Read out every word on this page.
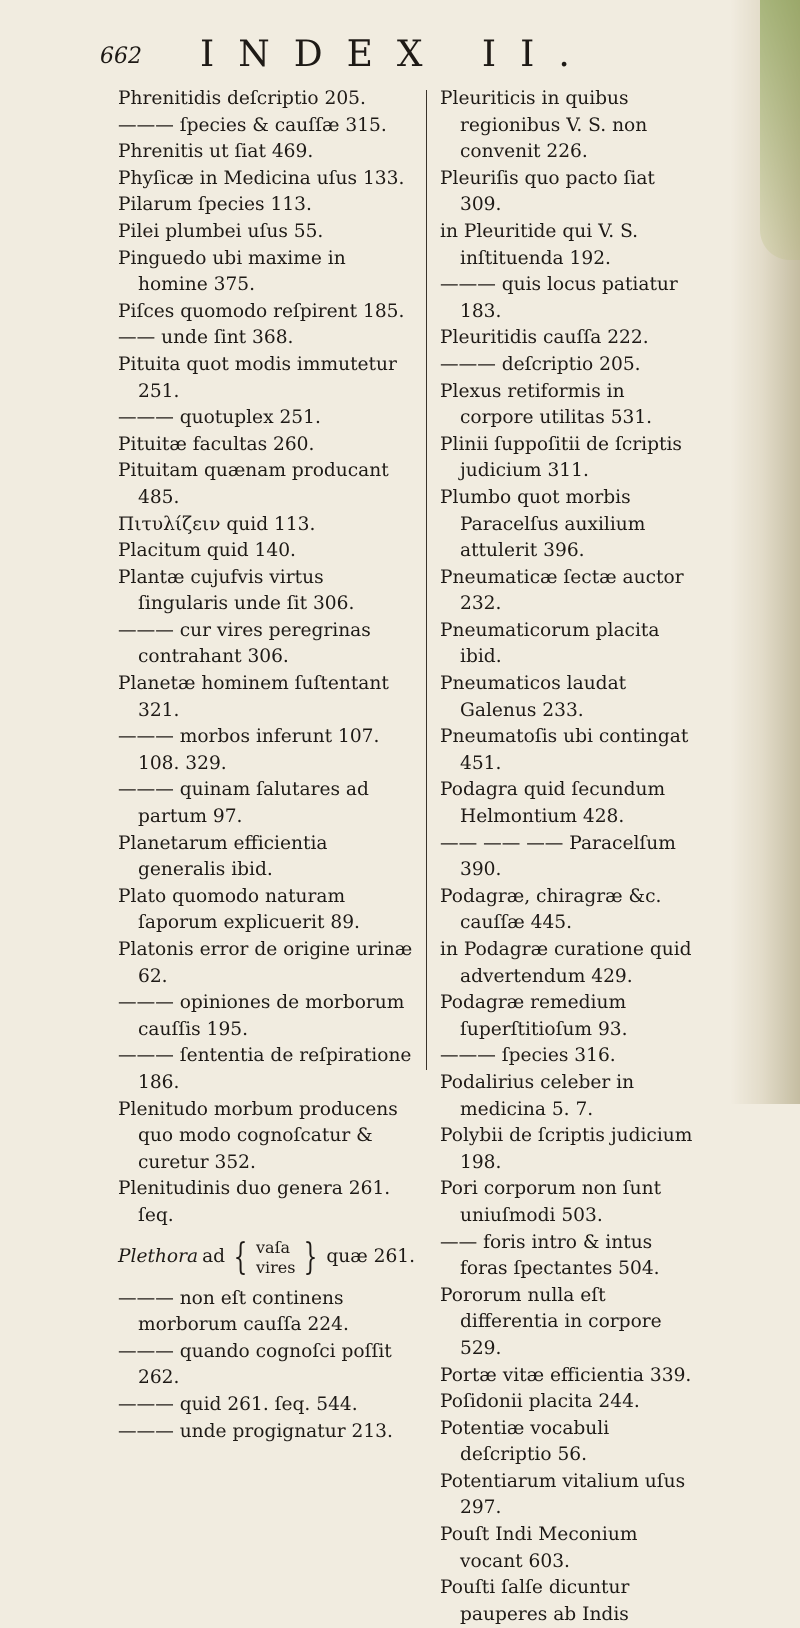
662 INDEX II.

Phrenitidis deſcriptio 205.

——— ſpecies & cauſſæ 315.

Phrenitis ut ſiat 469.

Phyſicæ in Medicina uſus 133.

Pilarum ſpecies 113.

Pilei plumbei uſus 55.

Pinguedo ubi maxime in homine 375.

Piſces quomodo reſpirent 185.

—— unde ſint 368.

Pituita quot modis immutetur 251.

——— quotuplex 251.

Pituitæ facultas 260.

Pituitam quænam producant 485.

Πιτυλίζειν quid 113.

Placitum quid 140.

Plantæ cujufvis virtus ſingularis unde ſit 306.

——— cur vires peregrinas contrahant 306.

Planetæ hominem ſuſtentant 321.

——— morbos inferunt 107. 108. 329.

——— quinam ſalutares ad partum 97.

Planetarum efficientia generalis ibid.

Plato quomodo naturam ſaporum explicuerit 89.

Platonis error de origine urinæ 62.

——— opiniones de morborum cauſſis 195.

——— ſententia de reſpiratione 186.

Plenitudo morbum producens quo modo cognoſcatur & curetur 352.

Plenitudinis duo genera 261. ſeq.

Plethora ad { vaſa
vires } quæ 261.

——— non eſt continens morborum cauſſa 224.

——— quando cognoſci poſſit 262.

——— quid 261. ſeq. 544.

——— unde progignatur 213.

Pleuriticis in quibus regionibus V. S. non convenit 226.

Pleuriſis quo pacto ſiat 309.

in Pleuritide qui V. S. inſtituenda 192.

——— quis locus patiatur 183.

Pleuritidis cauſſa 222.

——— deſcriptio 205.

Plexus retiformis in corpore utilitas 531.

Plinii ſuppoſitii de ſcriptis judicium 311.

Plumbo quot morbis Paracelſus auxilium attulerit 396.

Pneumaticæ ſectæ auctor 232.

Pneumaticorum placita ibid.

Pneumaticos laudat Galenus 233.

Pneumatoſis ubi contingat 451.

Podagra quid ſecundum Helmontium 428.

—— —— —— Paracelſum 390.

Podagræ, chiragræ &c. cauſſæ 445.

in Podagræ curatione quid advertendum 429.

Podagræ remedium ſuperſtitioſum 93.

——— ſpecies 316.

Podalirius celeber in medicina 5. 7.

Polybii de ſcriptis judicium 198.

Pori corporum non ſunt uniuſmodi 503.

—— foris intro & intus foras ſpectantes 504.

Pororum nulla eſt differentia in corpore 529.

Portæ vitæ efficientia 339.

Poſidonii placita 244.

Potentiæ vocabuli deſcriptio 56.

Potentiarum vitalium uſus 297.

Pouſt Indi Meconium vocant 603.

Pouſti ſalſe dicuntur pauperes ab Indis
